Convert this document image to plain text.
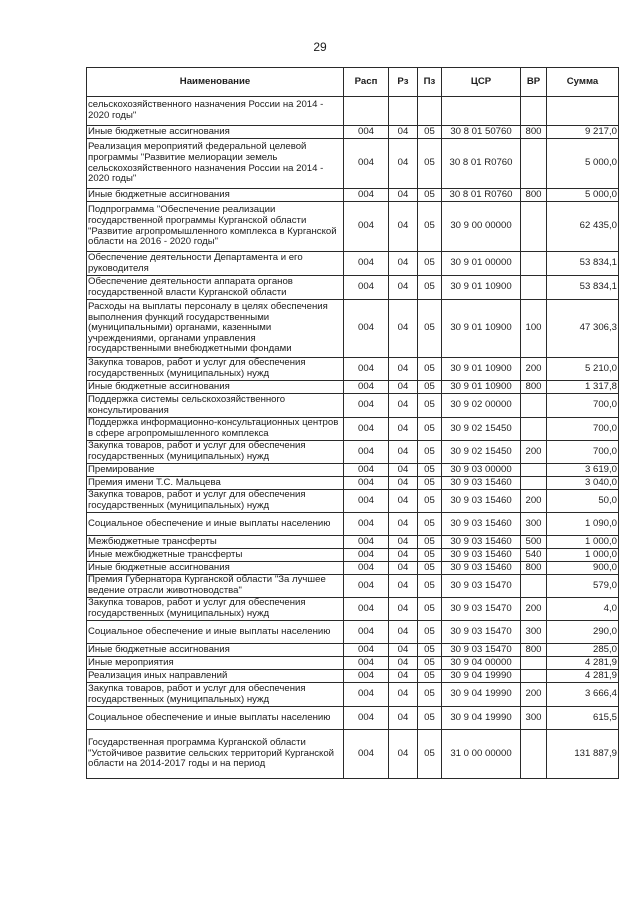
29
Наименование	Расп	Рз	Пз	ЦСР	ВР	Сумма
сельскохозяйственного назначения России на 2014 - 2020 годы"						
Иные бюджетные ассигнования	004	04	05	30 8 01 50760	800	9 217,0
Реализация мероприятий федеральной целевой программы "Развитие мелиорации земель сельскохозяйственного назначения России на 2014 - 2020 годы"	004	04	05	30 8 01 R0760		5 000,0
Иные бюджетные ассигнования	004	04	05	30 8 01 R0760	800	5 000,0
Подпрограмма "Обеспечение реализации государственной программы Курганской области "Развитие агропромышленного комплекса в Курганской области на 2016 - 2020 годы"	004	04	05	30 9 00 00000		62 435,0
Обеспечение деятельности Департамента и его руководителя	004	04	05	30 9 01 00000		53 834,1
Обеспечение деятельности аппарата органов государственной власти Курганской области	004	04	05	30 9 01 10900		53 834,1
Расходы на выплаты персоналу в целях обеспечения выполнения функций государственными (муниципальными) органами, казенными учреждениями, органами управления государственными внебюджетными фондами	004	04	05	30 9 01 10900	100	47 306,3
Закупка товаров, работ и услуг для обеспечения государственных (муниципальных) нужд	004	04	05	30 9 01 10900	200	5 210,0
Иные бюджетные ассигнования	004	04	05	30 9 01 10900	800	1 317,8
Поддержка системы сельскохозяйственного консультирования	004	04	05	30 9 02 00000		700,0
Поддержка информационно-консультационных центров в сфере агропромышленного комплекса	004	04	05	30 9 02 15450		700,0
Закупка товаров, работ и услуг для обеспечения государственных (муниципальных) нужд	004	04	05	30 9 02 15450	200	700,0
Премирование	004	04	05	30 9 03 00000		3 619,0
Премия имени Т.С. Мальцева	004	04	05	30 9 03 15460		3 040,0
Закупка товаров, работ и услуг для обеспечения государственных (муниципальных) нужд	004	04	05	30 9 03 15460	200	50,0
Социальное обеспечение и иные выплаты населению	004	04	05	30 9 03 15460	300	1 090,0
Межбюджетные трансферты	004	04	05	30 9 03 15460	500	1 000,0
Иные межбюджетные трансферты	004	04	05	30 9 03 15460	540	1 000,0
Иные бюджетные ассигнования	004	04	05	30 9 03 15460	800	900,0
Премия Губернатора Курганской области "За лучшее ведение отрасли животноводства"	004	04	05	30 9 03 15470		579,0
Закупка товаров, работ и услуг для обеспечения государственных (муниципальных) нужд	004	04	05	30 9 03 15470	200	4,0
Социальное обеспечение и иные выплаты населению	004	04	05	30 9 03 15470	300	290,0
Иные бюджетные ассигнования	004	04	05	30 9 03 15470	800	285,0
Иные мероприятия	004	04	05	30 9 04 00000		4 281,9
Реализация иных направлений	004	04	05	30 9 04 19990		4 281,9
Закупка товаров, работ и услуг для обеспечения государственных (муниципальных) нужд	004	04	05	30 9 04 19990	200	3 666,4
Социальное обеспечение и иные выплаты населению	004	04	05	30 9 04 19990	300	615,5
Государственная программа Курганской области "Устойчивое развитие сельских территорий Курганской области на 2014-2017 годы и на период	004	04	05	31 0 00 00000		131 887,9
